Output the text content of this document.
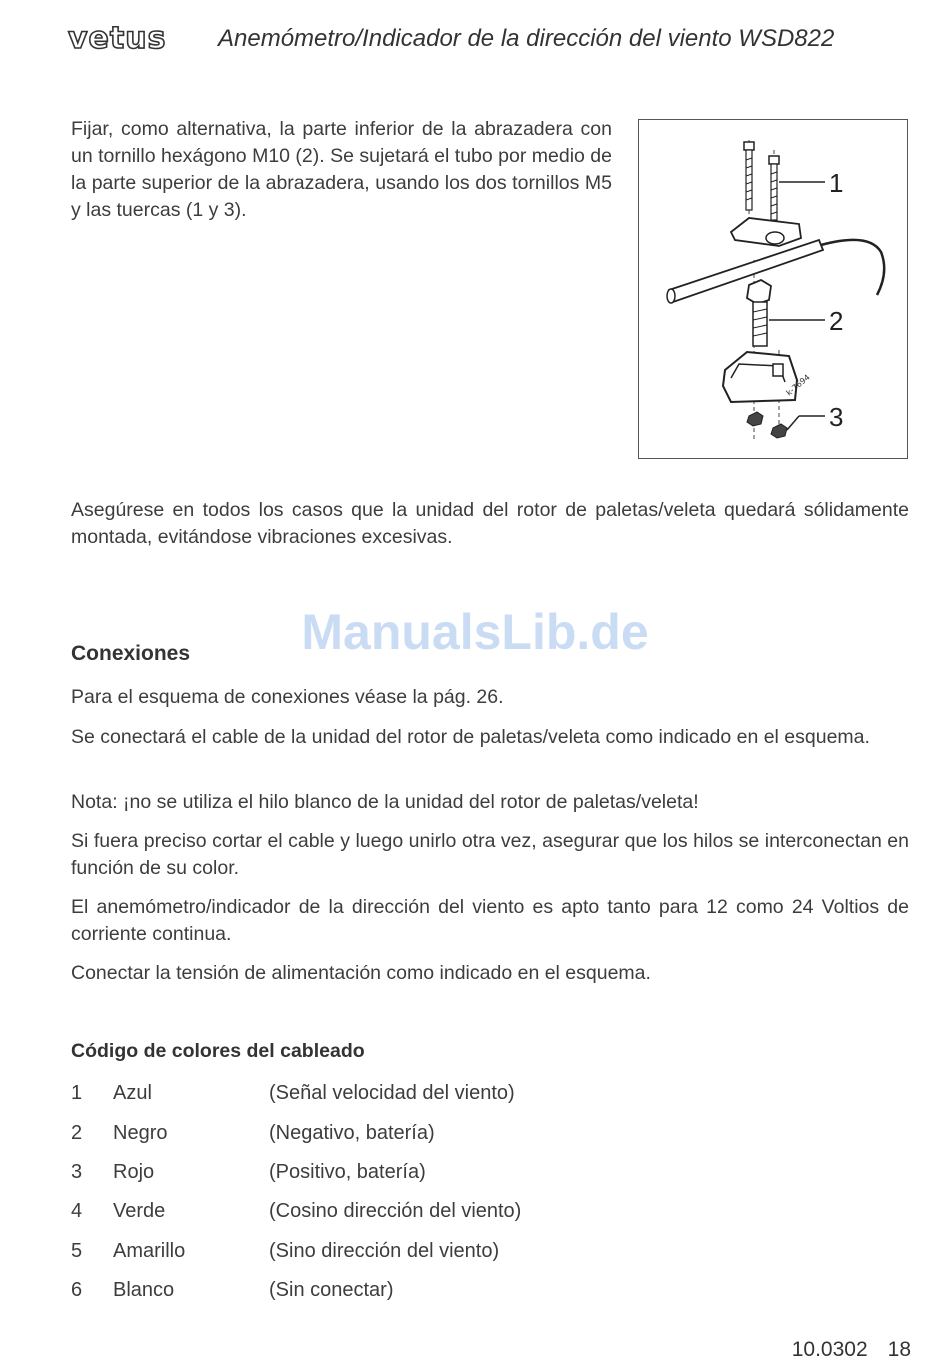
vetus Anemómetro/Indicador de la dirección del viento WSD822

Fijar, como alternativa, la parte inferior de la abrazadera con un tornillo hexágono M10 (2). Se sujetará el tubo por medio de la parte superior de la abrazadera, usando los dos tornillos M5 y las tuercas (1 y 3).

k-7694
1
2
3

Asegúrese en todos los casos que la unidad del rotor de paletas/veleta quedará sólidamente montada, evitándose vibraciones excesivas.

ManualsLib.de
Conexiones

Para el esquema de conexiones véase la pág. 26.

Se conectará el cable de la unidad del rotor de paletas/veleta como indicado en el esquema.

Nota: ¡no se utiliza el hilo blanco de la unidad del rotor de paletas/veleta!

Si fuera preciso cortar el cable y luego unirlo otra vez, asegurar que los hilos se interconectan en función de su color.

El anemómetro/indicador de la dirección del viento es apto tanto para 12 como 24 Voltios de corriente continua.

Conectar la tensión de alimentación como indicado en el esquema.

Código de colores del cableado
1	Azul	(Señal velocidad del viento)
2	Negro	(Negativo, batería)
3	Rojo	(Positivo, batería)
4	Verde	(Cosino dirección del viento)
5	Amarillo	(Sino dirección del viento)
6	Blanco	(Sin conectar)
10.0302 18
